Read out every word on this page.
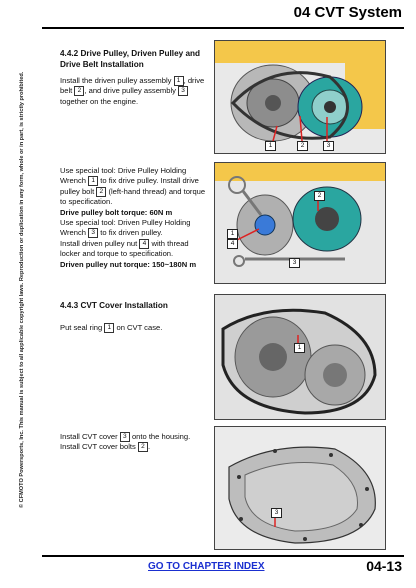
04 CVT System
© CFMOTO Powersports, Inc. This manual is subject to all applicable copyright laws. Reproduction or duplication in any form, whole or in part, is strictly prohibited.
4.4.2 Drive Pulley, Driven Pulley and Drive Belt Installation
Install the driven pulley assembly 1 , drive belt 2 , and drive pulley assembly 3 together on the engine.
1	2	3
Use special tool: Drive Pulley Holding Wrench 1 to fix drive pulley. Install drive pulley bolt 2 (left-hand thread) and torque to specification.
Drive pulley bolt torque: 60N m
Use special tool: Driven Pulley Holding Wrench 3 to fix driven pulley.
Install driven pulley nut 4 with thread locker and torque to specification.
Driven pulley nut torque: 150~180N m
2
1
4
3
4.4.3 CVT Cover Installation
Put seal ring 1 on CVT case.
1
Install CVT cover 3 onto the housing.
Install CVT cover bolts 2 .
3
GO TO CHAPTER INDEX	04-13
